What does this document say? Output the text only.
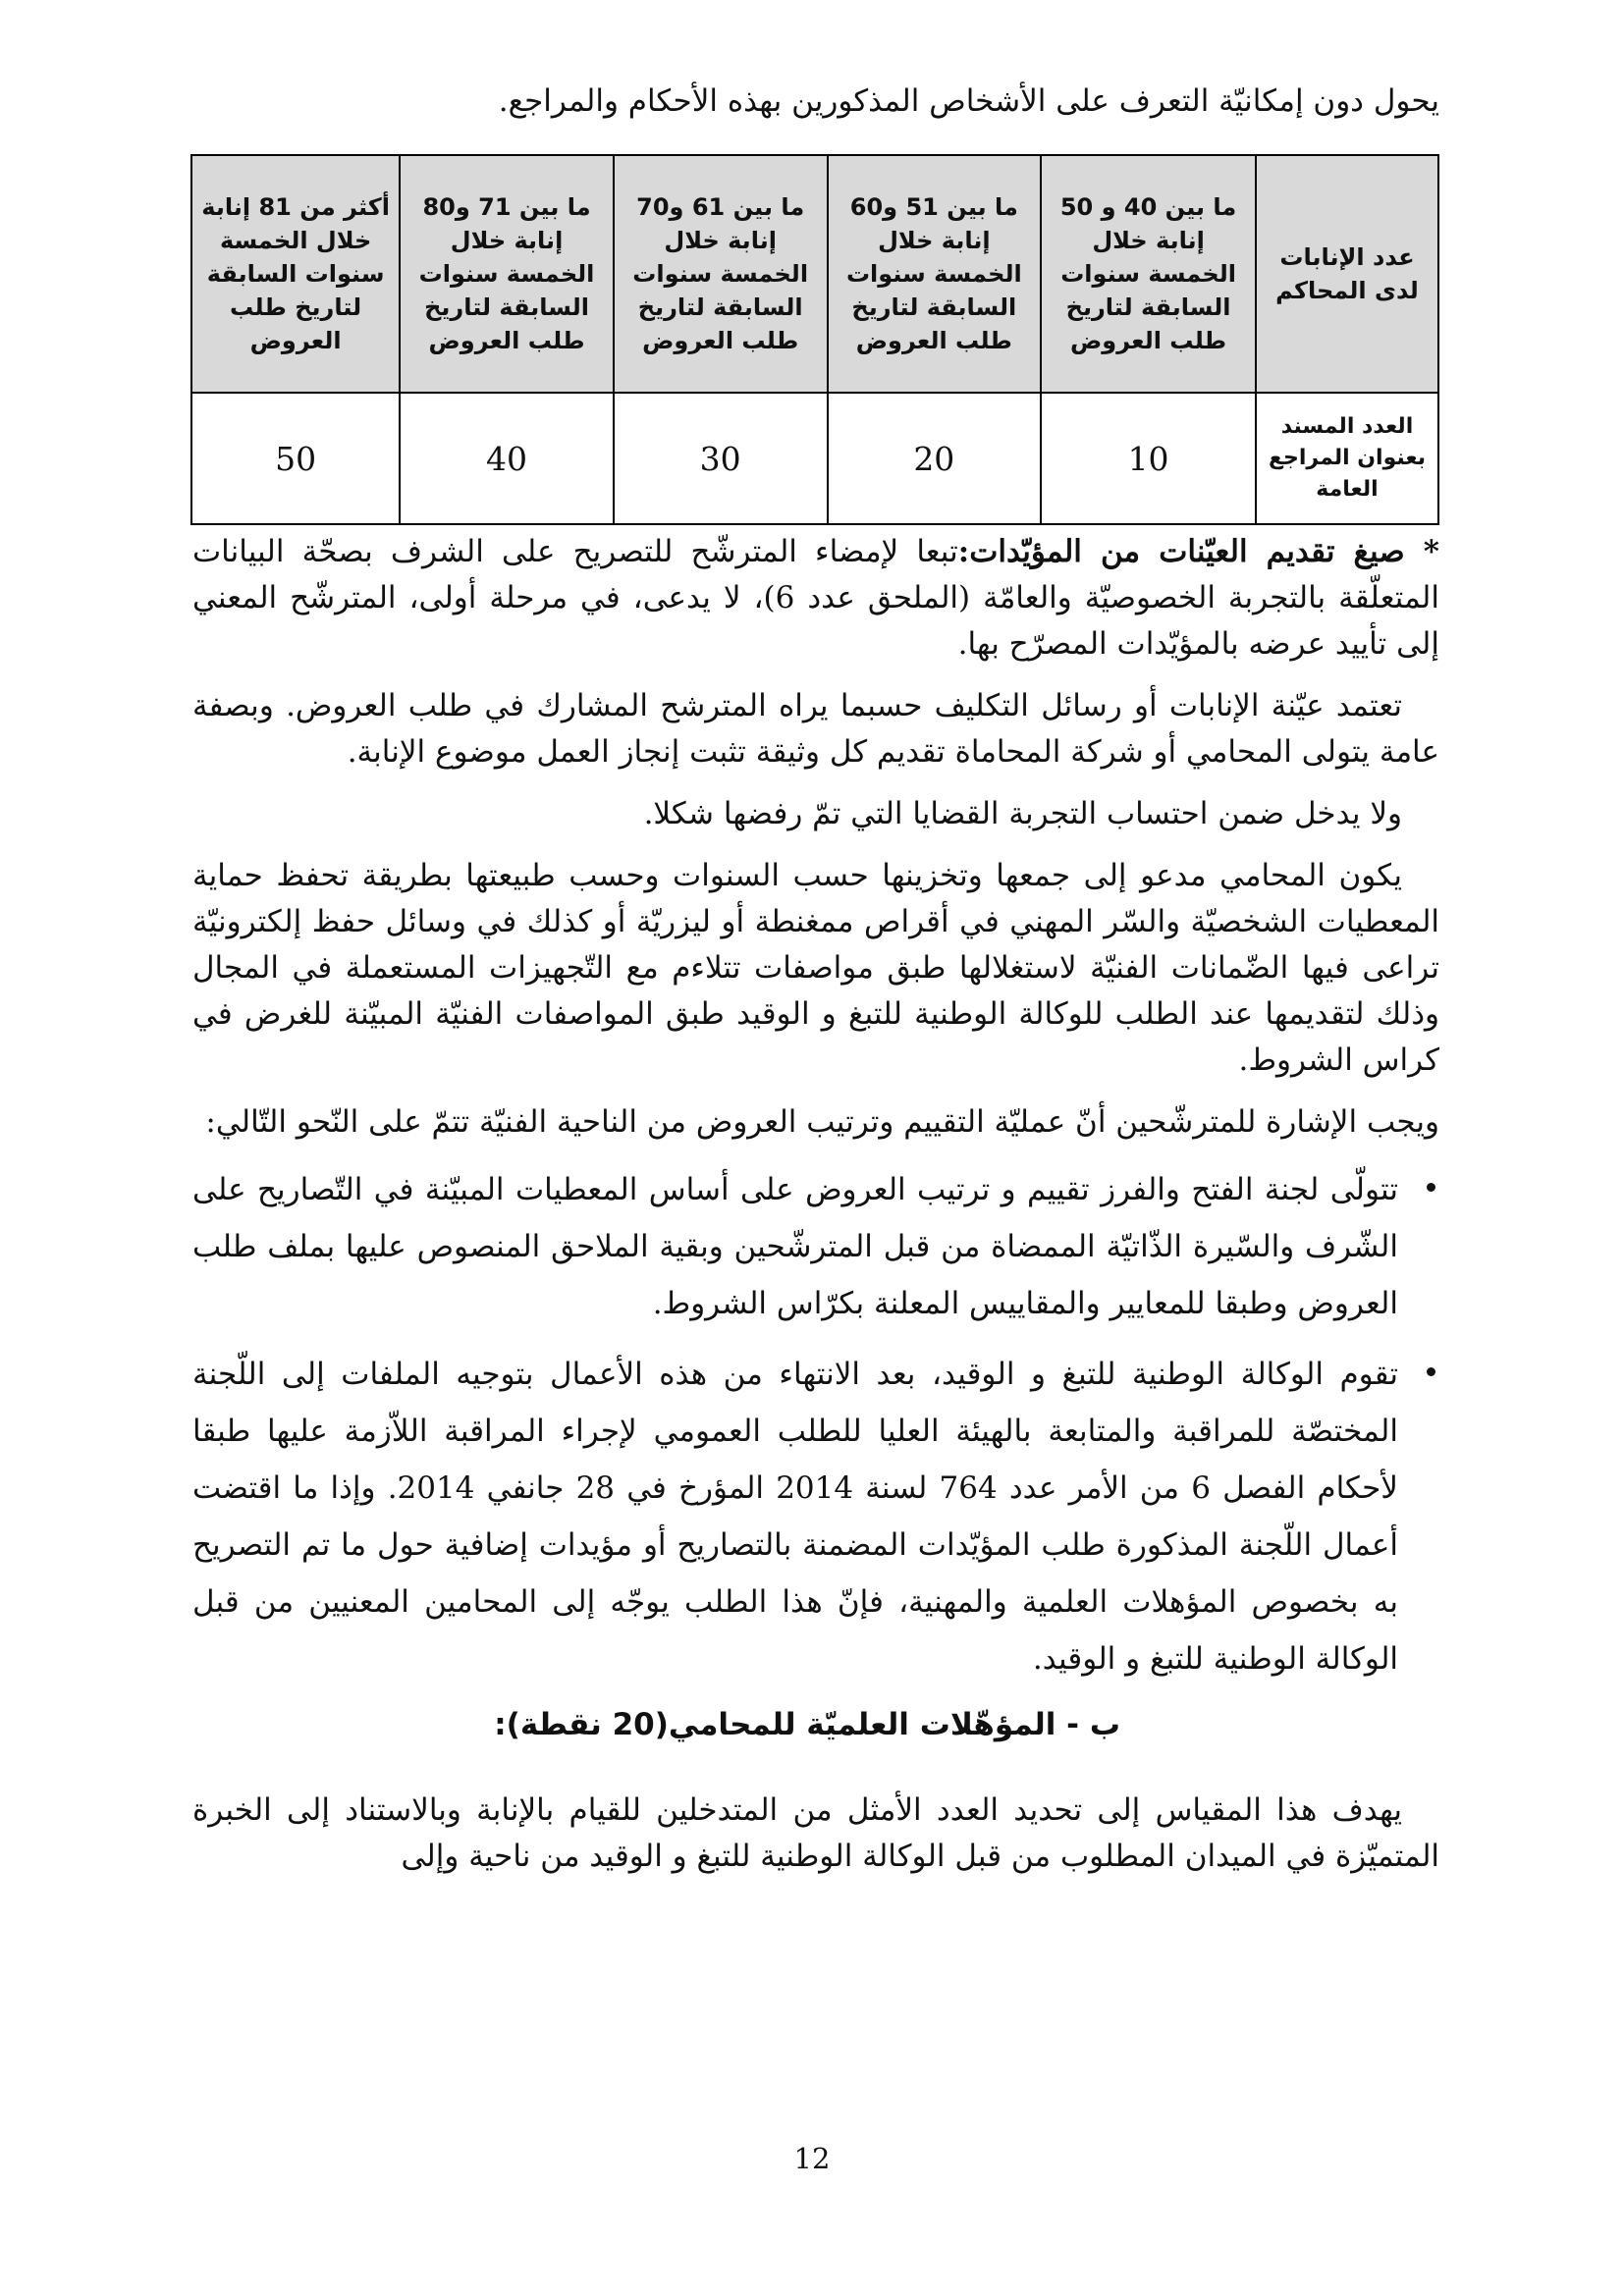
يحول دون إمكانيّة التعرف على الأشخاص المذكورين بهذه الأحكام والمراجع.

عدد الإنابات لدى المحاكم	ما بين 40 و 50 إنابة خلال الخمسة سنوات السابقة لتاريخ طلب العروض	ما بين 51 و60 إنابة خلال الخمسة سنوات السابقة لتاريخ طلب العروض	ما بين 61 و70 إنابة خلال الخمسة سنوات السابقة لتاريخ طلب العروض	ما بين 71 و80 إنابة خلال الخمسة سنوات السابقة لتاريخ طلب العروض	أكثر من 81 إنابة خلال الخمسة سنوات السابقة لتاريخ طلب العروض
العدد المسند بعنوان المراجع العامة	10	20	30	40	50

* صيغ تقديم العيّنات من المؤيّدات:تبعا لإمضاء المترشّح للتصريح على الشرف بصحّة البيانات المتعلّقة بالتجربة الخصوصيّة والعامّة (الملحق عدد 6)، لا يدعى، في مرحلة أولى، المترشّح المعني إلى تأييد عرضه بالمؤيّدات المصرّح بها.

تعتمد عيّنة الإنابات أو رسائل التكليف حسبما يراه المترشح المشارك في طلب العروض. وبصفة عامة يتولى المحامي أو شركة المحاماة تقديم كل وثيقة تثبت إنجاز العمل موضوع الإنابة.

ولا يدخل ضمن احتساب التجربة القضايا التي تمّ رفضها شكلا.

يكون المحامي مدعو إلى جمعها وتخزينها حسب السنوات وحسب طبيعتها بطريقة تحفظ حماية المعطيات الشخصيّة والسّر المهني في أقراص ممغنطة أو ليزريّة أو كذلك في وسائل حفظ إلكترونيّة تراعى فيها الضّمانات الفنيّة لاستغلالها طبق مواصفات تتلاءم مع التّجهيزات المستعملة في المجال وذلك لتقديمها عند الطلب للوكالة الوطنية للتبغ و الوقيد طبق المواصفات الفنيّة المبيّنة للغرض في كراس الشروط.

ويجب الإشارة للمترشّحين أنّ عمليّة التقييم وترتيب العروض من الناحية الفنيّة تتمّ على النّحو التّالي:

تتولّى لجنة الفتح والفرز تقييم و ترتيب العروض على أساس المعطيات المبيّنة في التّصاريح على الشّرف والسّيرة الذّاتيّة الممضاة من قبل المترشّحين وبقية الملاحق المنصوص عليها بملف طلب العروض وطبقا للمعايير والمقاييس المعلنة بكرّاس الشروط.

تقوم الوكالة الوطنية للتبغ و الوقيد، بعد الانتهاء من هذه الأعمال بتوجيه الملفات إلى اللّجنة المختصّة للمراقبة والمتابعة بالهيئة العليا للطلب العمومي لإجراء المراقبة اللاّزمة عليها طبقا لأحكام الفصل 6 من الأمر عدد 764 لسنة 2014 المؤرخ في 28 جانفي 2014. وإذا ما اقتضت أعمال اللّجنة المذكورة طلب المؤيّدات المضمنة بالتصاريح أو مؤيدات إضافية حول ما تم التصريح به بخصوص المؤهلات العلمية والمهنية، فإنّ هذا الطلب يوجّه إلى المحامين المعنيين من قبل الوكالة الوطنية للتبغ و الوقيد.

ب - المؤهّلات العلميّة للمحامي(20 نقطة):

يهدف هذا المقياس إلى تحديد العدد الأمثل من المتدخلين للقيام بالإنابة وبالاستناد إلى الخبرة المتميّزة في الميدان المطلوب من قبل الوكالة الوطنية للتبغ و الوقيد من ناحية وإلى

12
